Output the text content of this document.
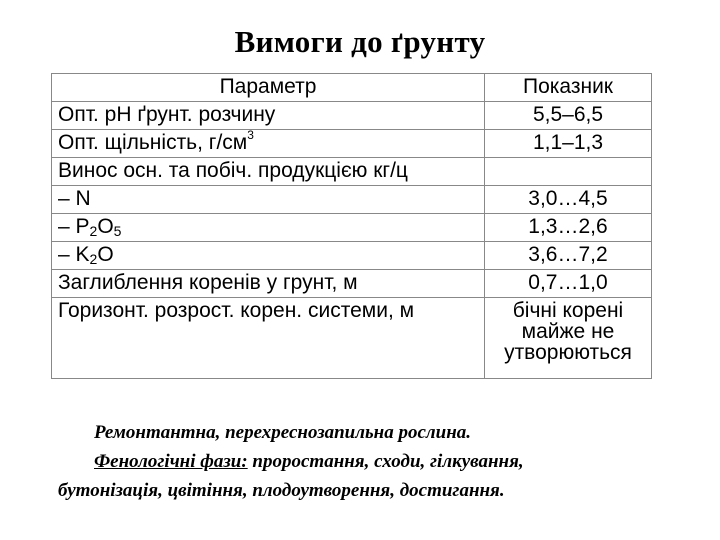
Вимоги до ґрунту
Параметр	Показник
Опт. рН ґрунт. розчину	5,5–6,5
Опт. щільність, $г/см^3$	1,1–1,3
Винос осн. та побіч. продукцією кг/ц	
– N	3,0…4,5
– $P_2O_5$	1,3…2,6
– $K_2O$	3,6…7,2
Заглиблення коренів у грунт, м	0,7…1,0
Горизонт. розрост. корен. системи, м	бічні корені майже не утворюються

Ремонтантна, перехреснозапильна рослина.

Фенологічні фази: проростання, сходи, гілкування,

бутонізація, цвітіння, плодоутворення, достигання.
